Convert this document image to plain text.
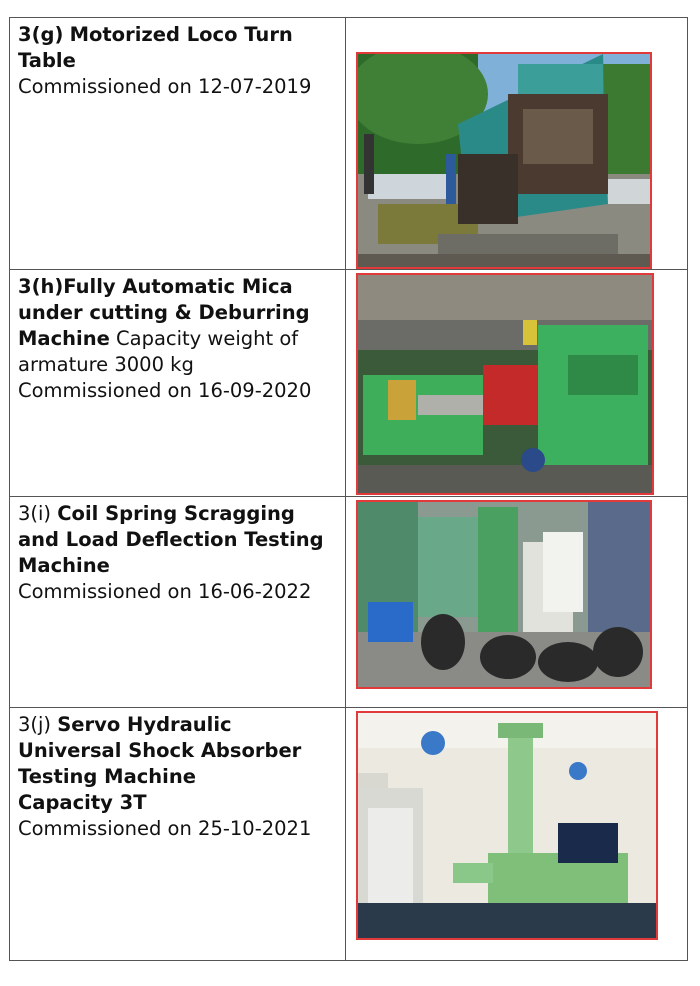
3(g) Motorized Loco Turn Table
Commissioned on 12-07-2019	

3(h)Fully Automatic Mica under cutting & Deburring Machine Capacity weight of armature 3000 kg
Commissioned on 16-09-2020	

3(i) Coil Spring Scragging and Load Deflection Testing Machine
Commissioned on 16-06-2022	

3(j) Servo Hydraulic Universal Shock Absorber Testing Machine
Capacity 3T
Commissioned on 25-10-2021	
